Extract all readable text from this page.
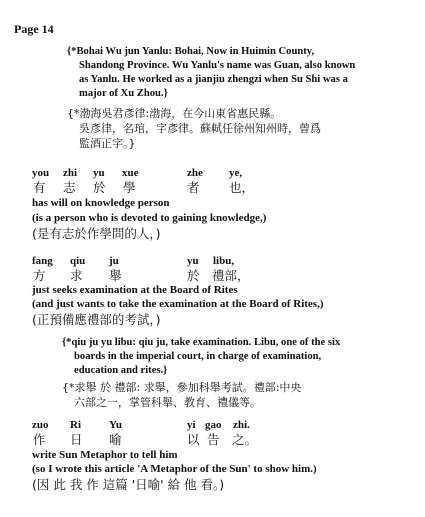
Page 14
{*Bohai Wu jun Yanlu: Bohai, Now in Huimin County,
Shandong Province. Wu Yanlu's name was Guan, also known
as Yanlu. He worked as a jianjiu zhengzi when Su Shi was a
major of Xu Zhou.}
{*渤海吳君彥律:渤海，在今山東省惠民縣。
吳彥律，名琯，字彥律。蘇軾任徐州知州時，曾爲
監酒正字。}
you zhi yu xue	zhe ye,
有 志 於 學	者 也，
has will on knowledge person
(is a person who is devoted to gaining knowledge,)
(是有志於作學問的人，)
fang qiu ju	yu libu,
方 求 舉	於 禮部，
just seeks examination at the Board of Rites
(and just wants to take the examination at the Board of Rites,)
(正預備應禮部的考試，)
{*qiu ju yu libu: qiu ju, take examination. Libu, one of the six
boards in the imperial court, in charge of examination,
education and rites.}
{*求舉 於 禮部: 求舉，參加科舉考試。禮部:中央
六部之一，掌管科舉、教育、禮儀等。
zuo Ri	Yu	yi gao zhi.
作 日 喻	以 告 之。
write Sun Metaphor to tell him
(so I wrote this article 'A Metaphor of the Sun' to show him.)
(因 此 我 作 這篇 '日喻' 給 他 看。)
